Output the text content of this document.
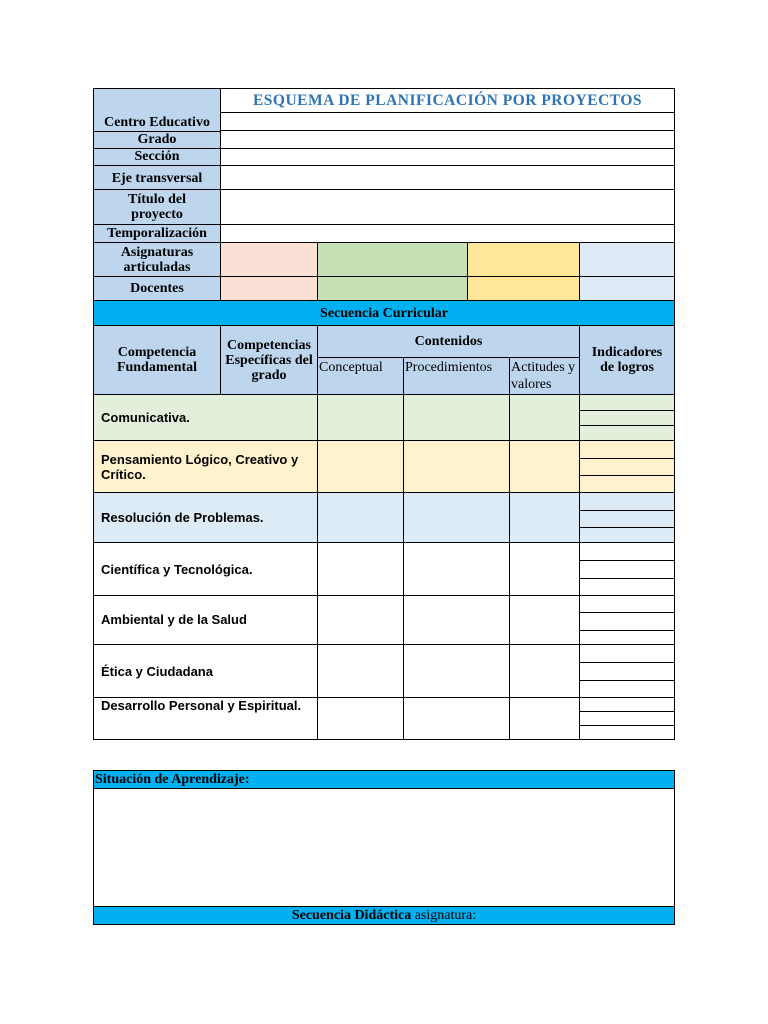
ESQUEMA DE PLANIFICACIÓN POR PROYECTOS
Centro Educativo
Grado
Sección
Eje transversal
Título del proyecto
Temporalización
Asignaturas articuladas
Docentes
Secuencia Curricular
Competencia Fundamental
Competencias Específicas del grado
Contenidos
Conceptual	Procedimientos	Actitudes y valores
Indicadores de logros
Comunicativa.
Pensamiento Lógico, Creativo y Crítico.
Resolución de Problemas.
Científica y Tecnológica.
Ambiental y de la Salud
Ética y Ciudadana
Desarrollo Personal y Espiritual.
Situación de Aprendizaje:
Secuencia Didáctica asignatura:
